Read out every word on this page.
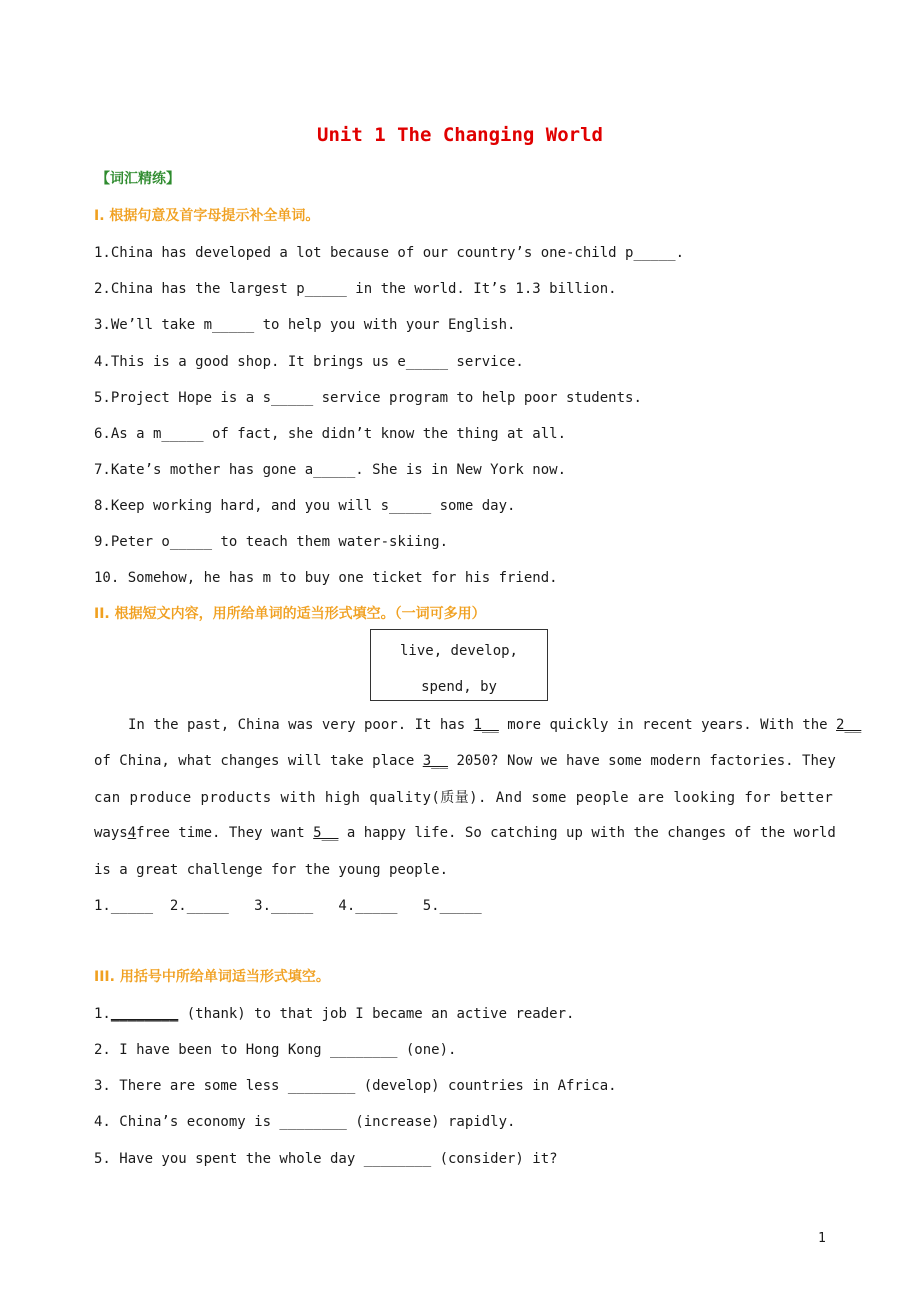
Unit 1 The Changing World
【词汇精练】
I. 根据句意及首字母提示补全单词。
1.China has developed a lot because of our country’s one-child p_____.
2.China has the largest p_____ in the world. It’s 1.3 billion.
3.We’ll take m_____ to help you with your English.
4.This is a good shop. It brings us e_____ service.
5.Project Hope is a s_____ service program to help poor students.
6.As a m_____ of fact, she didn’t know the thing at all.
7.Kate’s mother has gone a_____. She is in New York now.
8.Keep working hard, and you will s_____ some day.
9.Peter o_____ to teach them water-skiing.
10. Somehow, he has m to buy one ticket for his friend.
II. 根据短文内容，用所给单词的适当形式填空。（一词可多用）
live, develop,
spend, by
In the past, China was very poor. It has 1__ more quickly in recent years. With the 2__
of China, what changes will take place 3__ 2050? Now we have some modern factories. They
can produce products with high quality(质量). And some people are looking for better
ways4free time. They want 5__ a happy life. So catching up with the changes of the world
is a great challenge for the young people.
1._____  2._____   3._____   4._____   5._____
III. 用括号中所给单词适当形式填空。
1.________ (thank) to that job I became an active reader.
2. I have been to Hong Kong ________ (one).
3. There are some less ________ (develop) countries in Africa.
4. China’s economy is ________ (increase) rapidly.
5. Have you spent the whole day ________ (consider) it?
1
